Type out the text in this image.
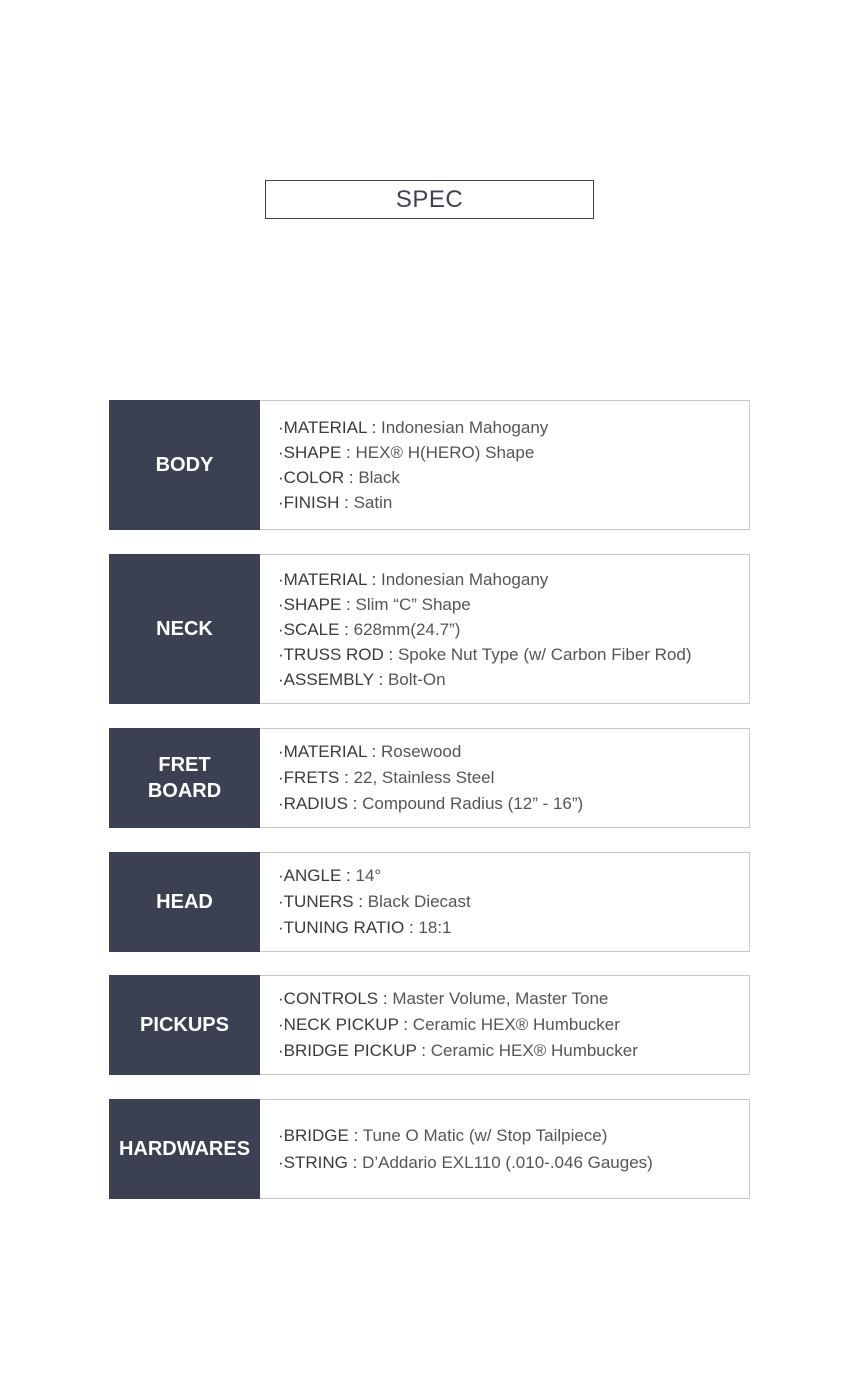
SPEC
BODY
· MATERIAL : Indonesian Mahogany
· SHAPE : HEX® H(HERO) Shape
· COLOR : Black
· FINISH : Satin
NECK
· MATERIAL : Indonesian Mahogany
· SHAPE : Slim “C” Shape
· SCALE : 628mm(24.7”)
· TRUSS ROD : Spoke Nut Type (w/ Carbon Fiber Rod)
· ASSEMBLY : Bolt-On
FRET
BOARD
· MATERIAL : Rosewood
· FRETS : 22, Stainless Steel
· RADIUS : Compound Radius (12” - 16”)
HEAD
· ANGLE : 14°
· TUNERS : Black Diecast
· TUNING RATIO : 18:1
PICKUPS
· CONTROLS : Master Volume, Master Tone
· NECK PICKUP : Ceramic HEX® Humbucker
· BRIDGE PICKUP : Ceramic HEX® Humbucker
HARDWARES
· BRIDGE : Tune O Matic (w/ Stop Tailpiece)
· STRING : D’Addario EXL110 (.010-.046 Gauges)
